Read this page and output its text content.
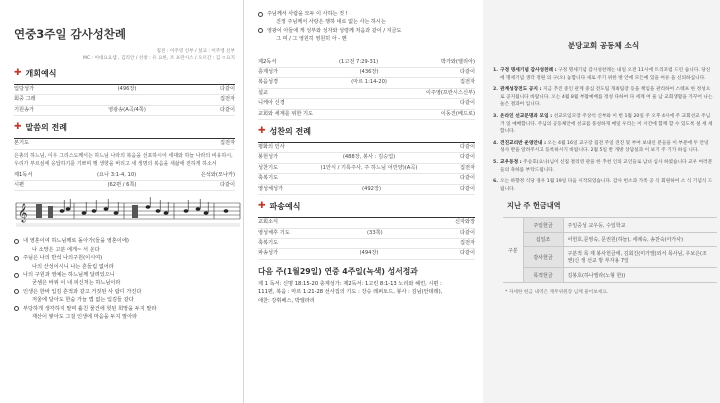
연중3주일 감사성찬례
집전 : 이주영 신부 / 설교 : 이주영 신부
MC : 이대요요셉 , 김리안 / 선창 : 유 요한, 조 프란시스 / 오르간 : 김 ㅇ요지
✚ 개회예식
입당성가	(496장)	다같이
회중 그레	집전자
기원송가	영광송(A곡/4쪽)	다같이
✚ 말씀의 전례
본기도	집전자
은총의 하느님, 이우 그리스도께서는 하느님 나라의 복음을 선포하시어 세대와 하늘 나라의 비유하시, 우리가 부르심에 응답하기를 기쁘며 행 생향을 버리고 새 생명의 복음을 새삶에 전하게 하소서
제1독서	(요나 3:1-4, 10)	은석와(모나카)
시편	(62편 / 6쪽)	다같이
𝄞
내 영혼이여 하느님께로 돌아가(들을 영혼이에)
나 소망은 고분 에게~ 서 온다
주님은 나의 반석 나의구원(이시여)
나의 산성이시니 나는 흔들림 없어라
나의 구원과 영예는 하느님께 달려있으니
굳셈은 바위 이 내 피신처는 하느님이라
인생은 한바 입김 흔적과 같고 거짓된 사 람디 가진다
저울에 달아도 한숨 가늘 법 없는 입김들 같다
부당하게 생각하지 말며 훔친 물건에 헛된 희망을 두지 말라
재산이 쌓아도 그걸 인생에 마음을 두지 말아라
주님께서 사람을 모두 이 사하는 것 !
진정 주님께서 사랑은 행하 네로 없는 사는 하시는
영광이 아들에 게 성부와 성자와 성령께 처음과 같이 / 지금도
그 며 / 그 영원히 영원히 아 - 멘
제2독서	(1고전 7:29-31)	박가와(엘리아)
층계성가	(436장)	다같이
복음성경	(마르 1:14-20)	집전자
설교	이주영(프란시스신부)
니케아 신경	다같이
교회와 세계를 위한 기도	이동진(베드로)
✚ 성찬의 전례
평화의 인사	다같이
봉헌성가	(488장, 봉사 : 김승업)	다같이
성찬기도	(1안식 / 기록주사, 주 하느님 어린양)(A곡)	집전자
축복기도	다같이
영성체성가	(492장)	다같이
✚ 파송예식
교회소식	신자와장
영성체후 기도	(33쪽)	다같이
축복기도	집전자
파송성가	(494장)	다같이
다음 주(1월29일) 연중 4주일(녹색) 성서정과
제 1 독서: 신명 18:15-20 층계성가: 제2독서: 1고린 8:1-13 노리와 헤린, 시편 :
111편, 복음 : 마르 1:21-28 선사집의 기도 : 강승 레퍼토드, 봉사 : 김님(안데레),
애찬: 강휘배스, 박엘라리
분당교회 공동체 소식
1. 구정 명세기념 감사성찬례 : 구정 명세기념 감사성찬례는 내일 오전 11시에 트리포럼 드린 습니다. 당신에 명세기념 생각 정원 의 구(오) 놓합니다 새로 주기 위한 방 안에 모든예 있을 여유 을 신의하십니다.
2. 관계성장전도 공지 : 지금 추진 중인 관계 중심 전도팀 개최팀장 등을 책임을 관리하여 스태프 한 정성으로 공지됩니다 바랍니다. 오는 4월 8월 부활예배를 정성 다하여 다 세계 여 울 남 교회생활을 가꾸어 나는 놀은 결과여 입니다.
3. 온라인 선교문명과 모임 : 선교모임모장 주상석 신부와 이 번 1월 20일 주 오후 4시에 주 교회선교 주님 거 일 예배합니다. 주님의 공동체안에 선교를 풍성하게 매일 우리는 이 시간에 함께 할 수 있도록 설 세 세 합니다.
4. 견진교리반 운영안내 : 오는 4월 16일 교구장 집전 주일 견진 및 부여 보내신 분들을 이 부분에 두 안녕 성사 반을 알려주시고 등록하시기 바랍니다. 2월 5일 반 개방 상담실과 이 보기 주 기가 하십 니다.
5. 교우동정 : 주승호(요나)님이 신집 결리영 관을 한 추천 인의 교인들로 남녀 심사 하였습니다 교우 여러분들의 축하를 부탁드립니다.
6. 오는 하향정 식당 경우 1월 19일 다음 시작되었습니다. 감사 헌소과 가족 공 식 회원하여 소 식 기념식 드립니다.
지난 주 헌금내역
구분	주일헌금	주일중성 교우등, 수일학교
	십일조	어헌호,문영숙, 문권원(하늘), 세례숙, 송찬숙(아가사)
	감사헌금	구분적 목 제 봉사헌금에, 김회진(미가엘)외서 목사님, 우보은(조앤)신 생 선교 방 부자용 7일
	목적헌금	김봉호(하나엘라(노형 한))
* 자세한 헌금 내역은 재무위원장 님께 물어보세요.
